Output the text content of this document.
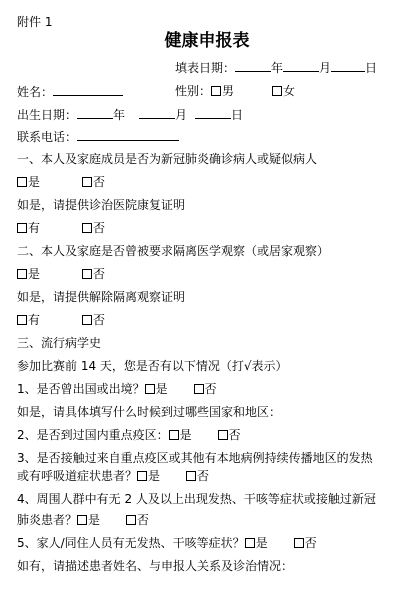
附件 1
健康申报表
填表日期：	年	月	日
姓名：	性别： 男	女
出生日期：	年	月	日
联系电话：
一、本人及家庭成员是否为新冠肺炎确诊病人或疑似病人
是	否
如是，请提供诊治医院康复证明
有	否
二、本人及家庭是否曾被要求隔离医学观察（或居家观察）
是	否
如是，请提供解除隔离观察证明
有	否
三、流行病学史
参加比赛前 14 天，您是否有以下情况（打√表示）
1、是否曾出国或出境？ 是	否
如是，请具体填写什么时候到过哪些国家和地区：
2、是否到过国内重点疫区： 是	否
3、是否接触过来自重点疫区或其他有本地病例持续传播地区的发热
或有呼吸道症状患者？ 是	否
4、周围人群中有无 2 人及以上出现发热、干咳等症状或接触过新冠
肺炎患者？ 是	否
5、家人/同住人员有无发热、干咳等症状？ 是	否
如有，请描述患者姓名、与申报人关系及诊治情况：
